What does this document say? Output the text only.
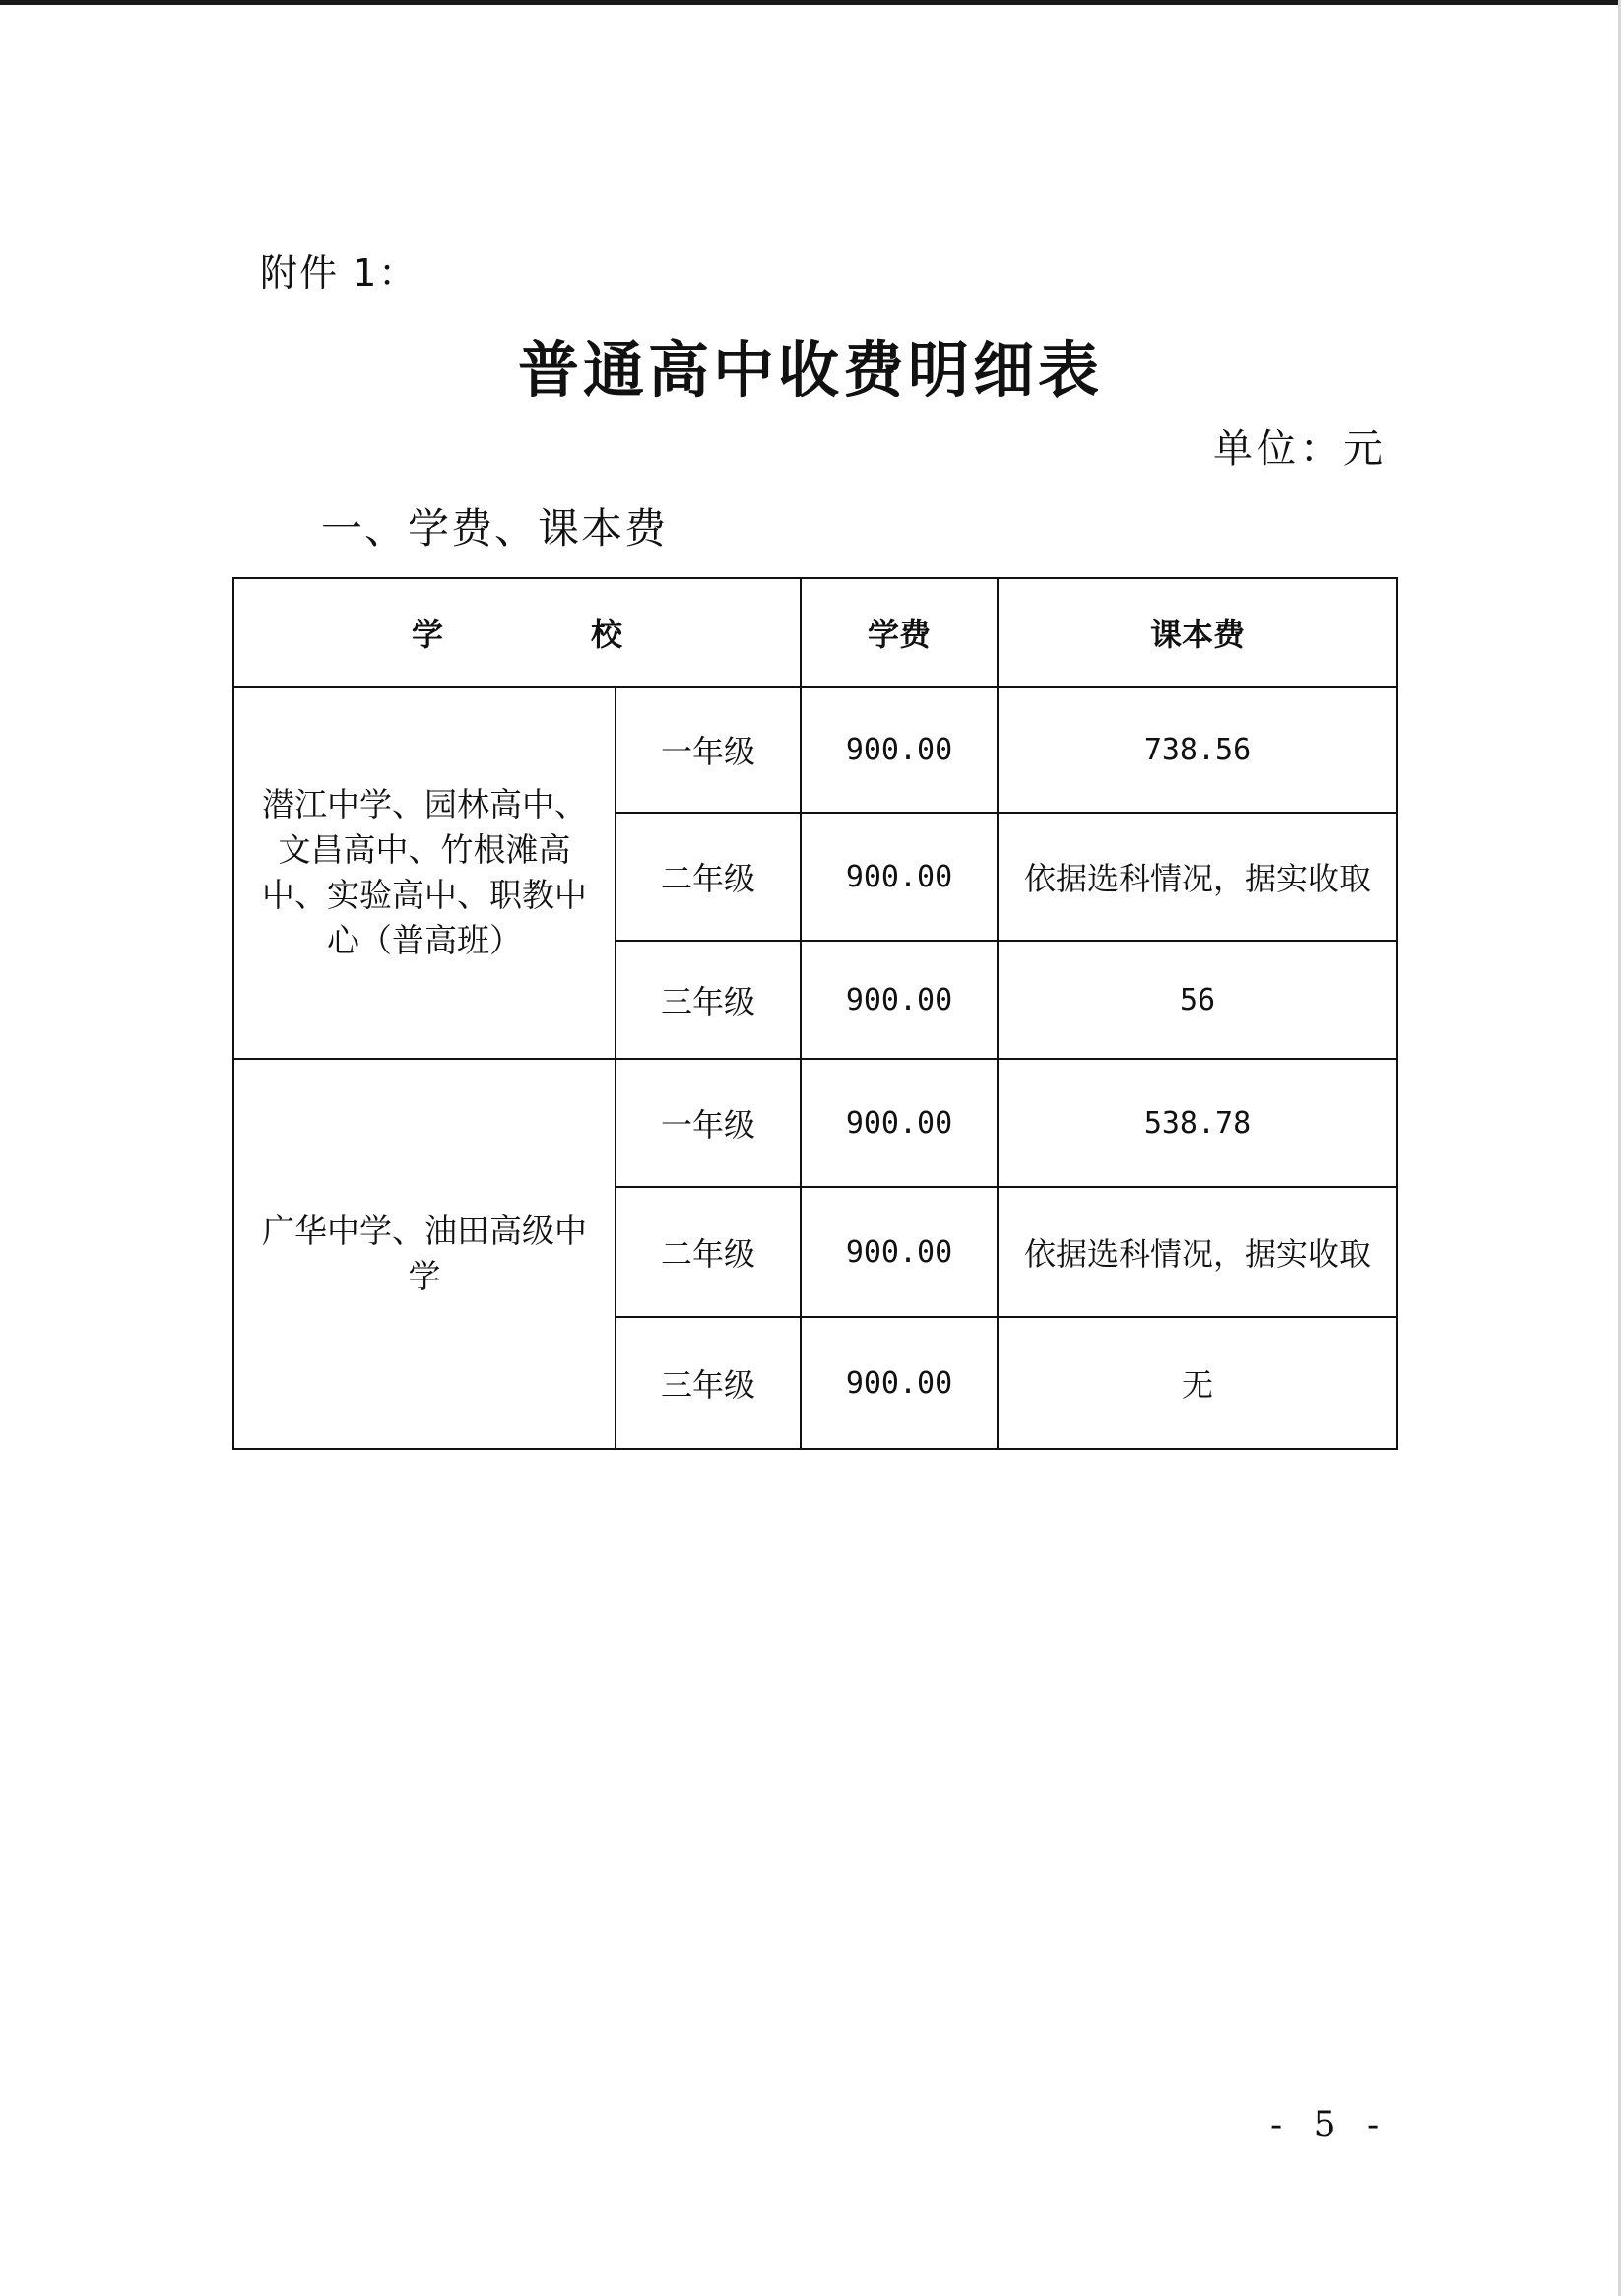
附件 1：
普通高中收费明细表
单位：元
一、学费、课本费
学 校		学费	课本费
潜江中学、园林高中、文昌高中、竹根滩高中、实验高中、职教中心（普高班）	一年级	900.00	738.56
	二年级	900.00	依据选科情况，据实收取
	三年级	900.00	56
广华中学、油田高级中学	一年级	900.00	538.78
	二年级	900.00	依据选科情况，据实收取
	三年级	900.00	无
- 5 -
